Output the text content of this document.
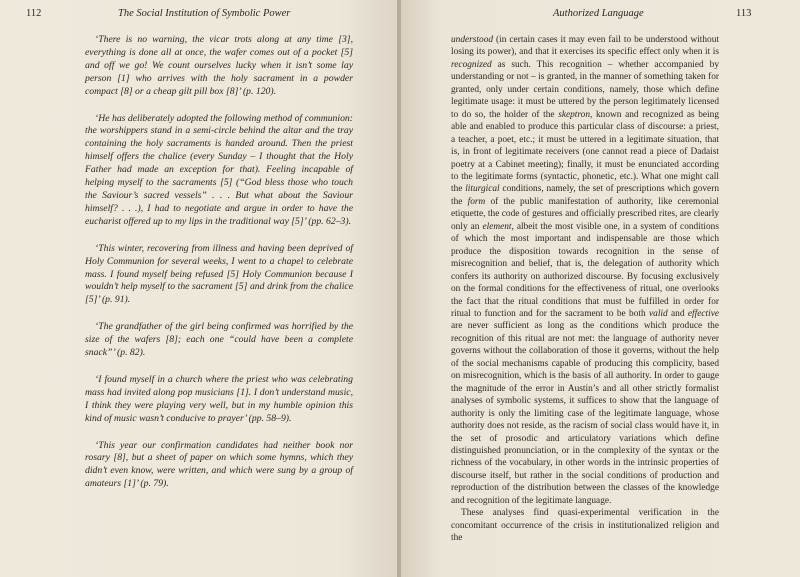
112	The Social Institution of Symbolic Power

‘There is no warning, the vicar trots along at any time [3], everything is done all at once, the wafer comes out of a pocket [5] and off we go! We count ourselves lucky when it isn’t some lay person [1] who arrives with the holy sacrament in a powder compact [8] or a cheap gilt pill box [8]’ (p. 120).

‘He has deliberately adopted the following method of communion: the worshippers stand in a semi-circle behind the altar and the tray containing the holy sacraments is handed around. Then the priest himself offers the chalice (every Sunday – I thought that the Holy Father had made an exception for that). Feeling incapable of helping myself to the sacraments [5] (“God bless those who touch the Saviour’s sacred vessels” . . . But what about the Saviour himself? . . .), I had to negotiate and argue in order to have the eucharist offered up to my lips in the traditional way [5]’ (pp. 62–3).

‘This winter, recovering from illness and having been deprived of Holy Communion for several weeks, I went to a chapel to celebrate mass. I found myself being refused [5] Holy Communion because I wouldn’t help myself to the sacrament [5] and drink from the chalice [5]’ (p. 91).

‘The grandfather of the girl being confirmed was horrified by the size of the wafers [8]; each one “could have been a complete snack”’ (p. 82).

‘I found myself in a church where the priest who was celebrating mass had invited along pop musicians [1]. I don’t understand music, I think they were playing very well, but in my humble opinion this kind of music wasn’t conducive to prayer’ (pp. 58–9).

‘This year our confirmation candidates had neither book nor rosary [8], but a sheet of paper on which some hymns, which they didn’t even know, were written, and which were sung by a group of amateurs [1]’ (p. 79).

Authorized Language	113

understood (in certain cases it may even fail to be understood without losing its power), and that it exercises its specific effect only when it is recognized as such. This recognition – whether accompanied by understanding or not – is granted, in the manner of something taken for granted, only under certain conditions, namely, those which define legitimate usage: it must be uttered by the person legitimately licensed to do so, the holder of the skeptron, known and recognized as being able and enabled to produce this particular class of discourse: a priest, a teacher, a poet, etc.; it must be uttered in a legitimate situation, that is, in front of legitimate receivers (one cannot read a piece of Dadaist poetry at a Cabinet meeting); finally, it must be enunciated according to the legitimate forms (syntactic, phonetic, etc.). What one might call the liturgical conditions, namely, the set of prescriptions which govern the form of the public manifestation of authority, like ceremonial etiquette, the code of gestures and officially prescribed rites, are clearly only an element, albeit the most visible one, in a system of conditions of which the most important and indispensable are those which produce the disposition towards recognition in the sense of misrecognition and belief, that is, the delegation of authority which confers its authority on authorized discourse. By focusing exclusively on the formal conditions for the effectiveness of ritual, one overlooks the fact that the ritual conditions that must be fulfilled in order for ritual to function and for the sacrament to be both valid and effective are never sufficient as long as the conditions which produce the recognition of this ritual are not met: the language of authority never governs without the collaboration of those it governs, without the help of the social mechanisms capable of producing this complicity, based on misrecognition, which is the basis of all authority. In order to gauge the magnitude of the error in Austin’s and all other strictly formalist analyses of symbolic systems, it suffices to show that the language of authority is only the limiting case of the legitimate language, whose authority does not reside, as the racism of social class would have it, in the set of prosodic and articulatory variations which define distinguished pronunciation, or in the complexity of the syntax or the richness of the vocabulary, in other words in the intrinsic properties of discourse itself, but rather in the social conditions of production and reproduction of the distribution between the classes of the knowledge and recognition of the legitimate language.

These analyses find quasi-experimental verification in the concomitant occurrence of the crisis in institutionalized religion and the
